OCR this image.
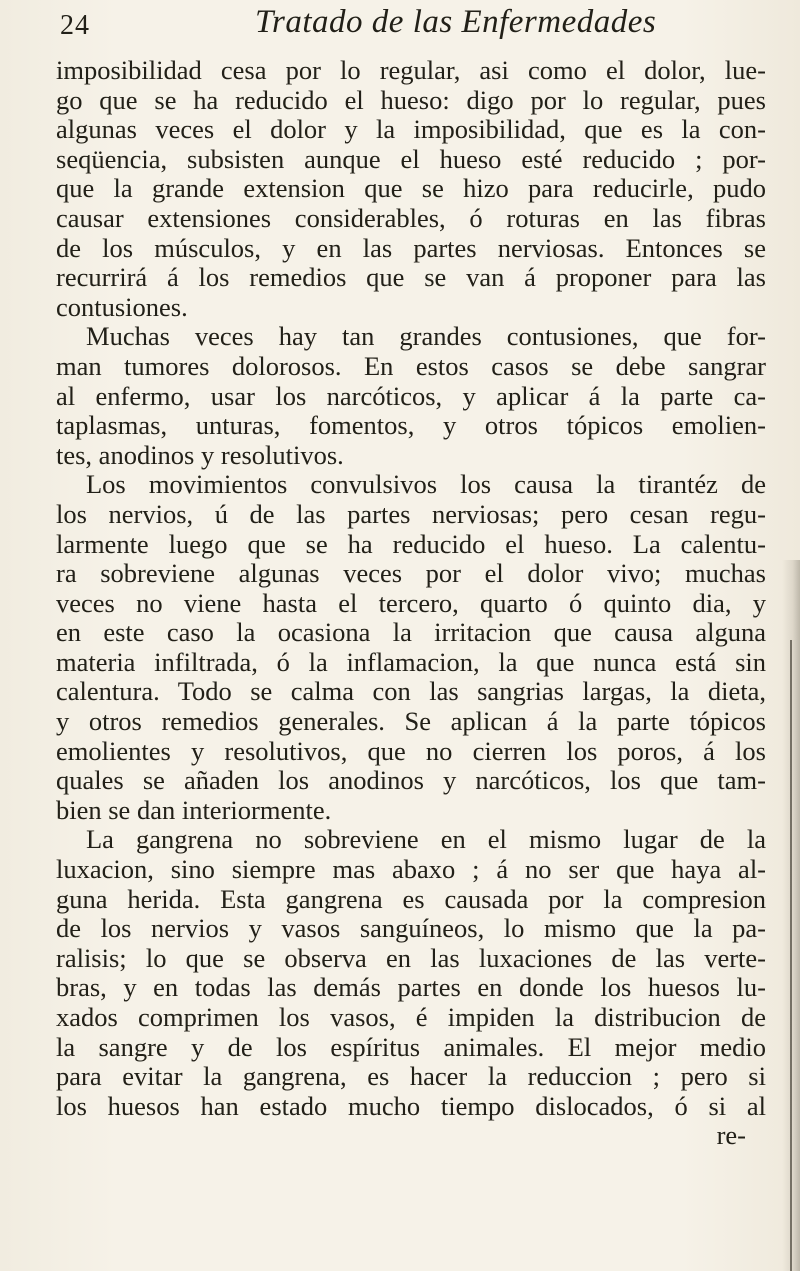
24	Tratado de las Enfermedades
imposibilidad cesa por lo regular, asi como el dolor, lue-
go que se ha reducido el hueso: digo por lo regular, pues
algunas veces el dolor y la imposibilidad, que es la con-
seqüencia, subsisten aunque el hueso esté reducido ; por-
que la grande extension que se hizo para reducirle, pudo
causar extensiones considerables, ó roturas en las fibras
de los músculos, y en las partes nerviosas. Entonces se
recurrirá á los remedios que se van á proponer para las
contusiones.
Muchas veces hay tan grandes contusiones, que for-
man tumores dolorosos. En estos casos se debe sangrar
al enfermo, usar los narcóticos, y aplicar á la parte ca-
taplasmas, unturas, fomentos, y otros tópicos emolien-
tes, anodinos y resolutivos.
Los movimientos convulsivos los causa la tirantéz de
los nervios, ú de las partes nerviosas; pero cesan regu-
larmente luego que se ha reducido el hueso. La calentu-
ra sobreviene algunas veces por el dolor vivo; muchas
veces no viene hasta el tercero, quarto ó quinto dia, y
en este caso la ocasiona la irritacion que causa alguna
materia infiltrada, ó la inflamacion, la que nunca está sin
calentura. Todo se calma con las sangrias largas, la dieta,
y otros remedios generales. Se aplican á la parte tópicos
emolientes y resolutivos, que no cierren los poros, á los
quales se añaden los anodinos y narcóticos, los que tam-
bien se dan interiormente.
La gangrena no sobreviene en el mismo lugar de la
luxacion, sino siempre mas abaxo ; á no ser que haya al-
guna herida. Esta gangrena es causada por la compresion
de los nervios y vasos sanguíneos, lo mismo que la pa-
ralisis; lo que se observa en las luxaciones de las verte-
bras, y en todas las demás partes en donde los huesos lu-
xados comprimen los vasos, é impiden la distribucion de
la sangre y de los espíritus animales. El mejor medio
para evitar la gangrena, es hacer la reduccion ; pero si
los huesos han estado mucho tiempo dislocados, ó si al
re-
